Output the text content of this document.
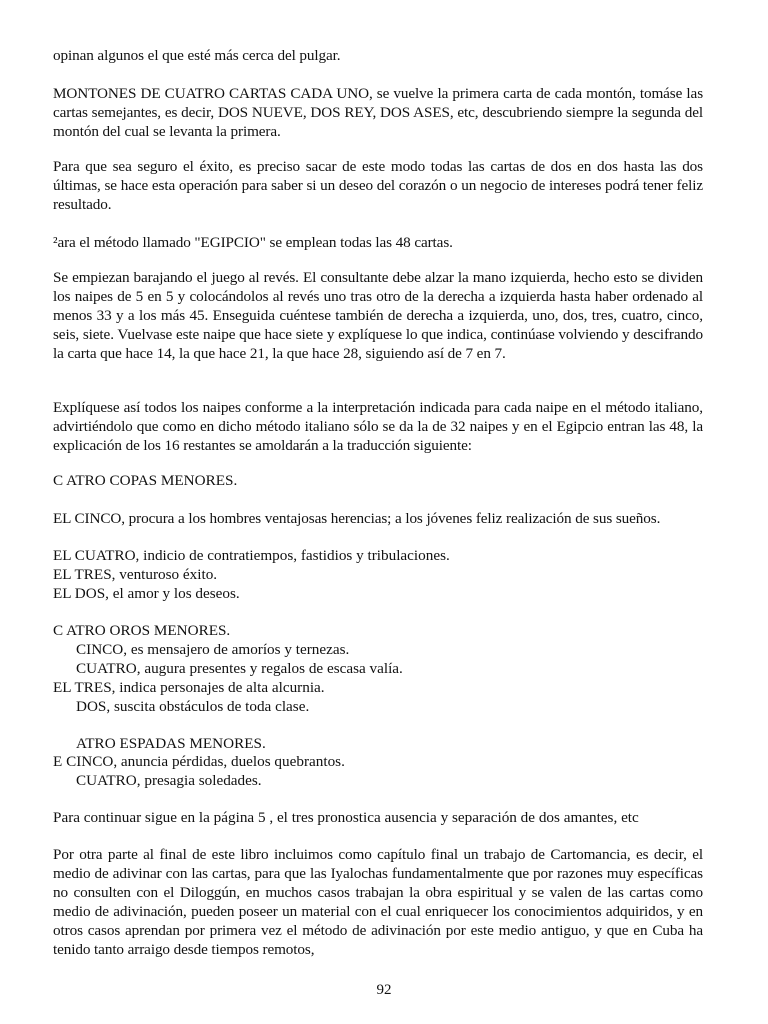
opinan algunos el que esté más cerca del pulgar.

MONTONES DE CUATRO CARTAS CADA UNO, se vuelve la primera carta de cada montón, tomáse las cartas semejantes, es decir, DOS NUEVE, DOS REY, DOS ASES, etc, descubriendo siempre la segunda del montón del cual se levanta la primera.

Para que sea seguro el éxito, es preciso sacar de este modo todas las cartas de dos en dos hasta las dos últimas, se hace esta operación para saber si un deseo del corazón o un negocio de intereses podrá tener feliz resultado.

²ara el método llamado "EGIPCIO" se emplean todas las 48 cartas.

Se empiezan barajando el juego al revés. El consultante debe alzar la mano izquierda, hecho esto se dividen los naipes de 5 en 5 y colocándolos al revés uno tras otro de la derecha a izquierda hasta haber ordenado al menos 33 y a los más 45. Enseguida cuéntese también de derecha a izquierda, uno, dos, tres, cuatro, cinco, seis, siete. Vuelvase este naipe que hace siete y explíquese lo que indica, continúase volviendo y descifrando la carta que hace 14, la que hace 21, la que hace 28, siguiendo así de 7 en 7.

Explíquese así todos los naipes conforme a la interpretación indicada para cada naipe en el método italiano, advirtiéndolo que como en dicho método italiano sólo se da la de 32 naipes y en el Egipcio entran las 48, la explicación de los 16 restantes se amoldarán a la traducción siguiente:

C ATRO COPAS MENORES.

EL CINCO, procura a los hombres ventajosas herencias; a los jóvenes feliz realización de sus sueños.

EL CUATRO, indicio de contratiempos, fastidios y tribulaciones.

EL TRES, venturoso éxito.

EL DOS, el amor y los deseos.

C ATRO OROS MENORES.

CINCO, es mensajero de amoríos y ternezas.

CUATRO, augura presentes y regalos de escasa valía.

EL TRES, indica personajes de alta alcurnia.

DOS, suscita obstáculos de toda clase.

ATRO ESPADAS MENORES.

E CINCO, anuncia pérdidas, duelos quebrantos.

CUATRO, presagia soledades.

Para continuar sigue en la página 5 , el tres pronostica ausencia y separación de dos amantes, etc

Por otra parte al final de este libro incluimos como capítulo final un trabajo de Cartomancia, es decir, el medio de adivinar con las cartas, para que las Iyalochas fundamentalmente que por razones muy específicas no consulten con el Diloggún, en muchos casos trabajan la obra espiritual y se valen de las cartas como medio de adivinación, pueden poseer un material con el cual enriquecer los conocimientos adquiridos, y en otros casos aprendan por primera vez el método de adivinación por este medio antiguo, y que en Cuba ha tenido tanto arraigo desde tiempos remotos,

92
